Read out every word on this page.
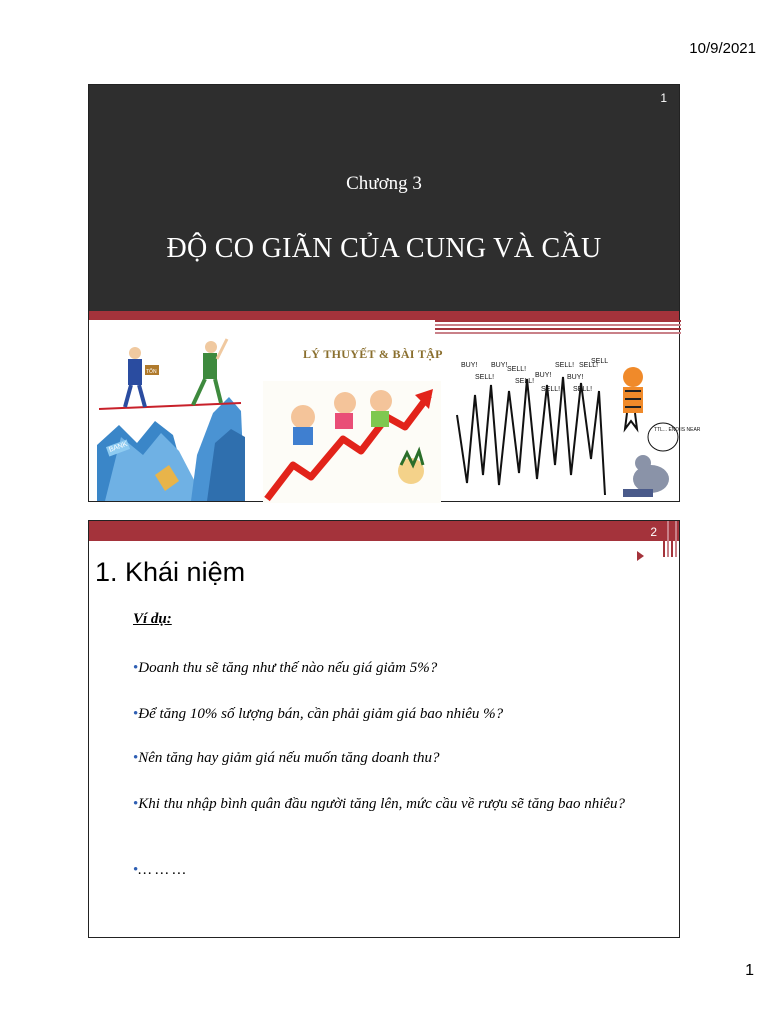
10/9/2021
1
Chương 3
ĐỘ CO GIÃN CỦA CUNG VÀ CẦU
BANK
TỐN
BUY!
SELL!
BUY!
SELL!
SELL!
BUY!
SELL!
SELL!
BUY!
SELL!
SELL!
SELL
TTL... END IS NEAR
LÝ THUYẾT & BÀI TẬP
2
1. Khái niệm
Ví dụ:
•Doanh thu sẽ tăng như thế nào nếu giá giảm 5%?
•Để tăng 10% số lượng bán, cần phải giảm giá bao nhiêu %?
•Nên tăng hay giảm giá nếu muốn tăng doanh thu?
•Khi thu nhập bình quân đầu người tăng lên, mức cầu về rượu sẽ tăng bao nhiêu?
•… … …
1
